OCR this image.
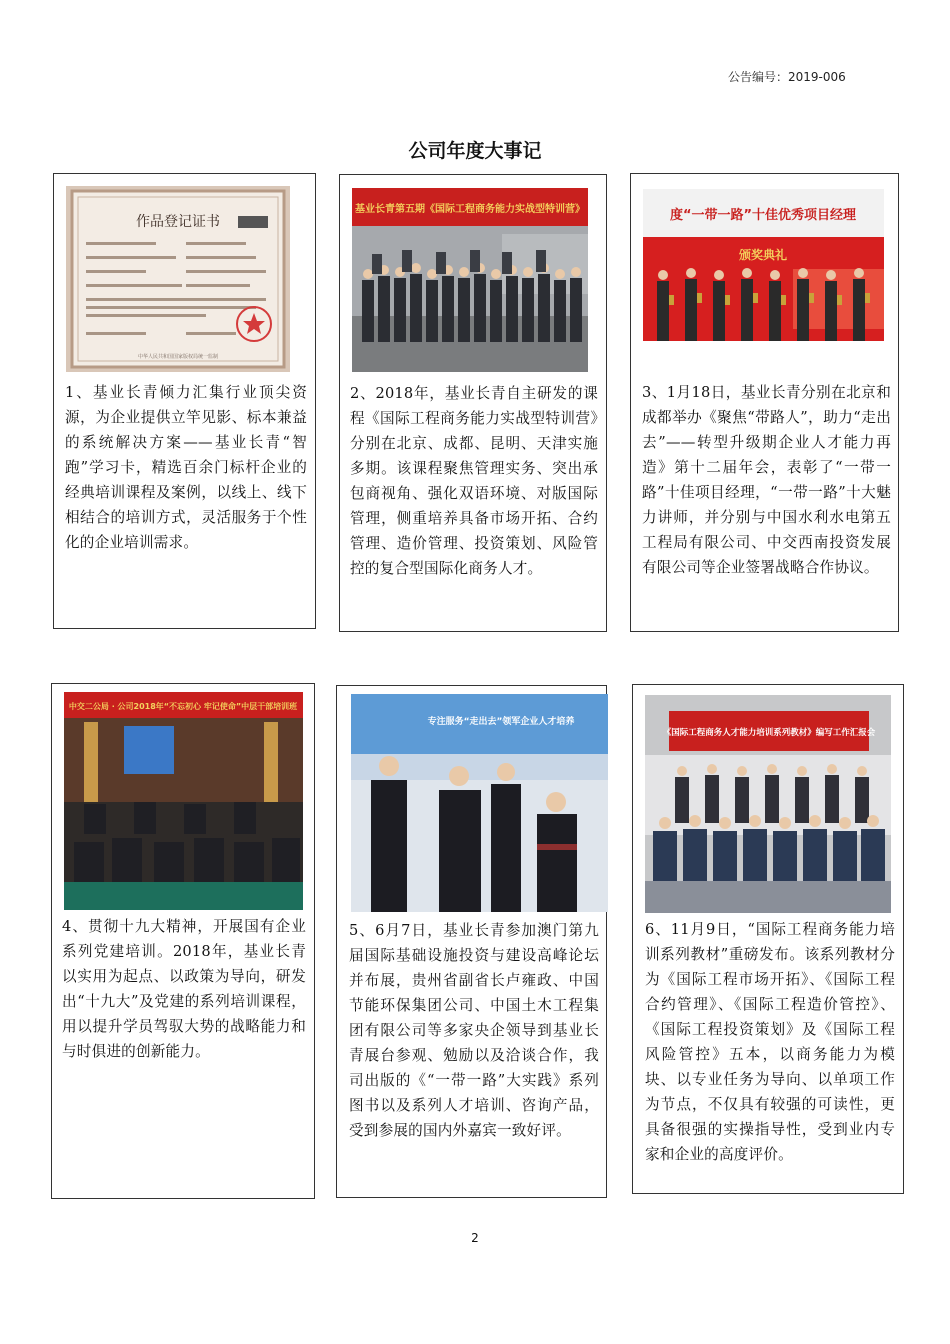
公告编号：2019-006
公司年度大事记
作品登记证书
中华人民共和国国家版权局统一监制
1、基业长青倾力汇集行业顶尖资源，为企业提供立竿见影、标本兼益的系统解决方案——基业长青“智跑”学习卡，精选百余门标杆企业的经典培训课程及案例，以线上、线下相结合的培训方式，灵活服务于个性化的企业培训需求。
基业长青第五期《国际工程商务能力实战型特训营》
2、2018年，基业长青自主研发的课程《国际工程商务能力实战型特训营》分别在北京、成都、昆明、天津实施多期。该课程聚焦管理实务、突出承包商视角、强化双语环境、对版国际管理，侧重培养具备市场开拓、合约管理、造价管理、投资策划、风险管控的复合型国际化商务人才。
度“一带一路”十佳优秀项目经理
颁奖典礼
3、1月18日，基业长青分别在北京和成都举办《聚焦“带路人”，助力“走出去”——转型升级期企业人才能力再造》第十二届年会，表彰了“一带一路”十佳项目经理，“一带一路”十大魅力讲师，并分别与中国水利水电第五工程局有限公司、中交西南投资发展有限公司等企业签署战略合作协议。
中交二公局 · 公司2018年“不忘初心 牢记使命”中层干部培训班
4、贯彻十九大精神，开展国有企业系列党建培训。2018年，基业长青以实用为起点、以政策为导向，研发出“十九大”及党建的系列培训课程，用以提升学员驾驭大势的战略能力和与时俱进的创新能力。
专注服务“走出去”领军企业人才培养
5、6月7日，基业长青参加澳门第九届国际基础设施投资与建设高峰论坛并布展，贵州省副省长卢雍政、中国节能环保集团公司、中国土木工程集团有限公司等多家央企领导到基业长青展台参观、勉励以及洽谈合作，我司出版的《“一带一路”大实践》系列图书以及系列人才培训、咨询产品，受到参展的国内外嘉宾一致好评。
《国际工程商务人才能力培训系列教材》编写工作汇报会
6、11月9日，“国际工程商务能力培训系列教材”重磅发布。该系列教材分为《国际工程市场开拓》、《国际工程合约管理》、《国际工程造价管控》、《国际工程投资策划》及《国际工程风险管控》五本，以商务能力为模块、以专业任务为导向、以单项工作为节点，不仅具有较强的可读性，更具备很强的实操指导性，受到业内专家和企业的高度评价。
2
